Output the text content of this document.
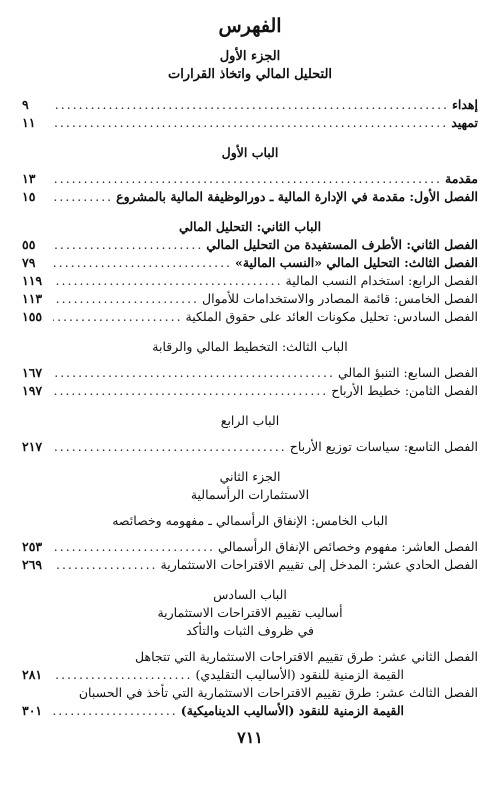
الفهرس
الجزء الأول
التحليل المالي واتخاذ القرارات
إهداء
.....
٩
تمهيد
.....
١١
الباب الأول
مقدمة
.....
١٣
الفصل الأول: مقدمة في الإدارة المالية ـ دورالوظيفة المالية بالمشروع
.....
١٥
الباب الثاني: التحليل المالي
الفصل الثاني: الأطرف المستفيدة من التحليل المالي
.....
٥٥
الفصل الثالث: التحليل المالي «النسب المالية»
.....
٧٩
الفصل الرابع: استخدام النسب المالية
.....
١١٩
الفصل الخامس: قائمة المصادر والاستخدامات للأموال
.....
١١٣
الفصل السادس: تحليل مكونات العائد على حقوق الملكية
.....
١٥٥
الباب الثالث: التخطيط المالي والرقابة
الفصل السابع: التنبؤ المالي
.....
١٦٧
الفصل الثامن: خطيط الأرباح
.....
١٩٧
الباب الرابع
الفصل التاسع: سياسات توزيع الأرباح
.....
٢١٧
الجزء الثاني
الاستثمارات الرأسمالية
الباب الخامس: الإنفاق الرأسمالي ـ مفهومه وخصائصه
الفصل العاشر: مفهوم وخصائص الإنفاق الرأسمالي
.....
٢٥٣
الفصل الحادي عشر: المدخل إلى تقييم الاقتراحات الاستثمارية
.....
٢٦٩
الباب السادس
أساليب تقييم الاقتراحات الاستثمارية
في ظروف الثبات والتأكد
الفصل الثاني عشر: طرق تقييم الاقتراحات الاستثمارية التي تتجاهل
القيمة الزمنية للنقود (الأساليب التقليدي)
.....
٢٨١
الفصل الثالث عشر: طرق تقييم الاقتراحات الاستثمارية التي تأخذ في الحسبان
القيمة الزمنية للنقود (الأساليب الديناميكية)
.....
٣٠١
٧١١
